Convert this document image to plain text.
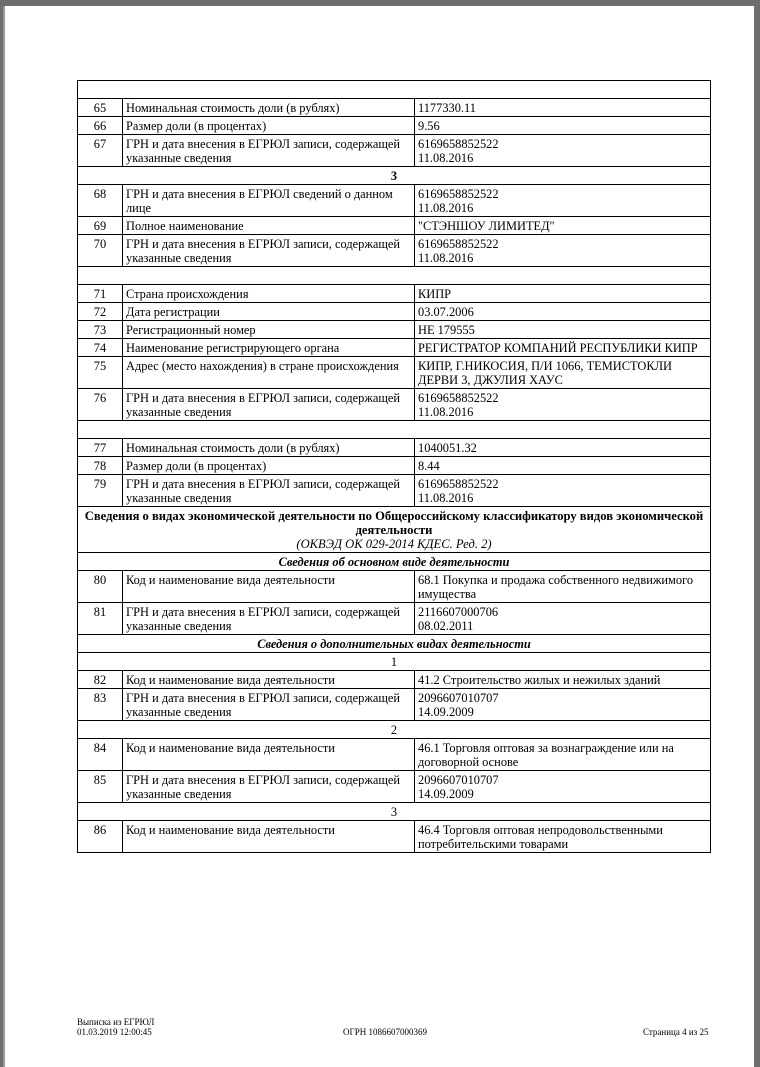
65	Номинальная стоимость доли (в рублях)	1177330.11
66	Размер доли (в процентах)	9.56
67	ГРН и дата внесения в ЕГРЮЛ записи, содержащей указанные сведения	6169658852522
11.08.2016
3		
68	ГРН и дата внесения в ЕГРЮЛ сведений о данном лице	6169658852522
11.08.2016
69	Полное наименование	"СТЭНШОУ ЛИМИТЕД"
70	ГРН и дата внесения в ЕГРЮЛ записи, содержащей указанные сведения	6169658852522
11.08.2016

71	Страна происхождения	КИПР
72	Дата регистрации	03.07.2006
73	Регистрационный номер	НЕ 179555
74	Наименование регистрирующего органа	РЕГИСТРАТОР КОМПАНИЙ РЕСПУБЛИКИ КИПР
75	Адрес (место нахождения) в стране происхождения	КИПР, Г.НИКОСИЯ, П/И 1066, ТЕМИСТОКЛИ ДЕРВИ 3, ДЖУЛИЯ ХАУС
76	ГРН и дата внесения в ЕГРЮЛ записи, содержащей указанные сведения	6169658852522
11.08.2016

77	Номинальная стоимость доли (в рублях)	1040051.32
78	Размер доли (в процентах)	8.44
79	ГРН и дата внесения в ЕГРЮЛ записи, содержащей указанные сведения	6169658852522
11.08.2016
Сведения о видах экономической деятельности по Общероссийскому классификатору видов экономической деятельности
(ОКВЭД ОК 029-2014 КДЕС. Ред. 2)		

Сведения об основном виде деятельности		
80	Код и наименование вида деятельности	68.1 Покупка и продажа собственного недвижимого имущества
81	ГРН и дата внесения в ЕГРЮЛ записи, содержащей указанные сведения	2116607000706
08.02.2011
Сведения о дополнительных видах деятельности		
1		
82	Код и наименование вида деятельности	41.2 Строительство жилых и нежилых зданий
83	ГРН и дата внесения в ЕГРЮЛ записи, содержащей указанные сведения	2096607010707
14.09.2009
2		
84	Код и наименование вида деятельности	46.1 Торговля оптовая за вознаграждение или на договорной основе
85	ГРН и дата внесения в ЕГРЮЛ записи, содержащей указанные сведения	2096607010707
14.09.2009
3		
86	Код и наименование вида деятельности	46.4 Торговля оптовая непродовольственными потребительскими товарами
Выписка из ЕГРЮЛ
01.03.2019 12:00:45	ОГРН 1086607000369	Страница 4 из 25
